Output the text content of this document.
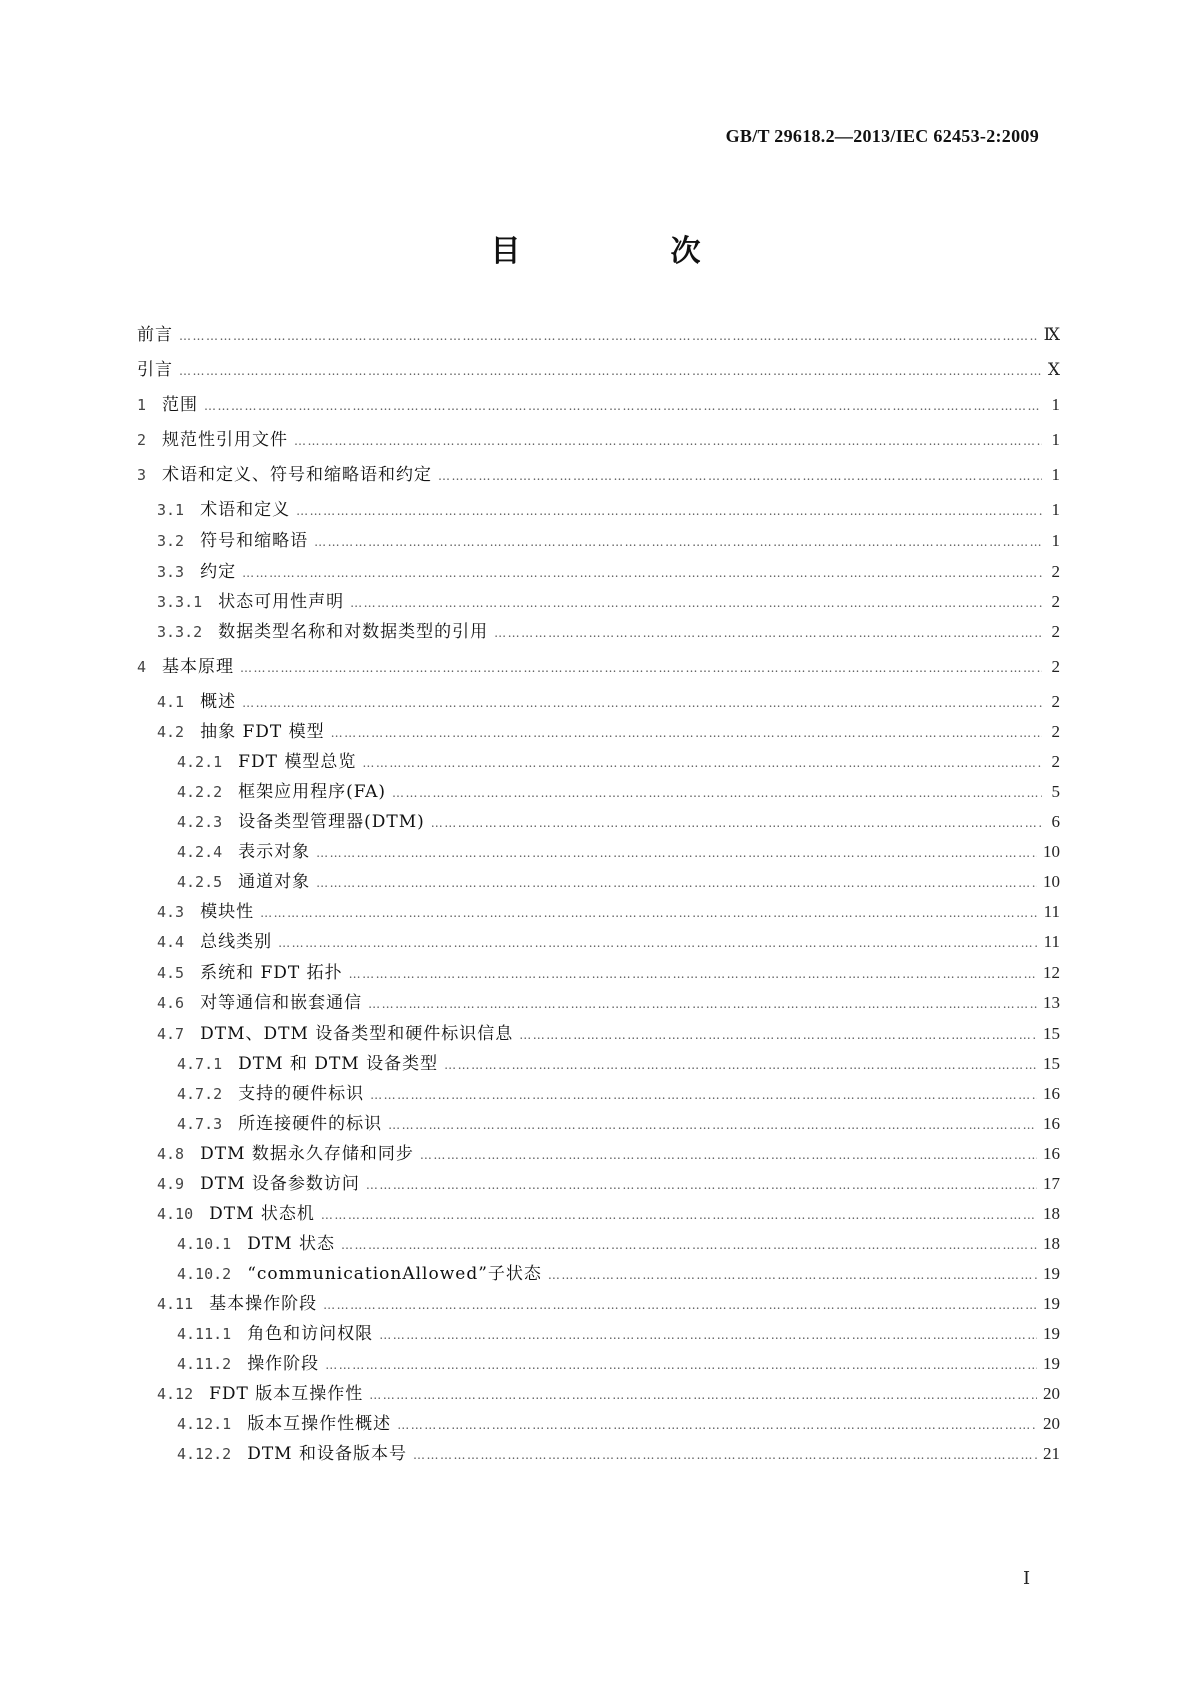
GB/T 29618.2—2013/IEC 62453-2:2009
目　次
前言 …………………………………………………………………………………………………………………………………………………………………………………………………………………………………………………………	Ⅸ
引言 …………………………………………………………………………………………………………………………………………………………………………………………………………………………………………………………	Ⅹ
1 范围 …………………………………………………………………………………………………………………………………………………………………………………………………………………………………………………………	1
2 规范性引用文件 …………………………………………………………………………………………………………………………………………………………………………………………………………………………………………………………	1
3 术语和定义、符号和缩略语和约定 …………………………………………………………………………………………………………………………………………………………………………………………………………………………………………………………	1
3.1 术语和定义 …………………………………………………………………………………………………………………………………………………………………………………………………………………………………………………………	1
3.2 符号和缩略语 …………………………………………………………………………………………………………………………………………………………………………………………………………………………………………………………	1
3.3 约定 …………………………………………………………………………………………………………………………………………………………………………………………………………………………………………………………	2
3.3.1 状态可用性声明 …………………………………………………………………………………………………………………………………………………………………………………………………………………………………………………………	2
3.3.2 数据类型名称和对数据类型的引用 …………………………………………………………………………………………………………………………………………………………………………………………………………………………………………………………	2
4 基本原理 …………………………………………………………………………………………………………………………………………………………………………………………………………………………………………………………	2
4.1 概述 …………………………………………………………………………………………………………………………………………………………………………………………………………………………………………………………	2
4.2 抽象 FDT 模型 …………………………………………………………………………………………………………………………………………………………………………………………………………………………………………………………	2
4.2.1 FDT 模型总览 …………………………………………………………………………………………………………………………………………………………………………………………………………………………………………………………	2
4.2.2 框架应用程序(FA) …………………………………………………………………………………………………………………………………………………………………………………………………………………………………………………………	5
4.2.3 设备类型管理器(DTM) …………………………………………………………………………………………………………………………………………………………………………………………………………………………………………………………	6
4.2.4 表示对象 …………………………………………………………………………………………………………………………………………………………………………………………………………………………………………………………	10
4.2.5 通道对象 …………………………………………………………………………………………………………………………………………………………………………………………………………………………………………………………	10
4.3 模块性 …………………………………………………………………………………………………………………………………………………………………………………………………………………………………………………………	11
4.4 总线类别 …………………………………………………………………………………………………………………………………………………………………………………………………………………………………………………………	11
4.5 系统和 FDT 拓扑 …………………………………………………………………………………………………………………………………………………………………………………………………………………………………………………………	12
4.6 对等通信和嵌套通信 …………………………………………………………………………………………………………………………………………………………………………………………………………………………………………………………	13
4.7 DTM、DTM 设备类型和硬件标识信息 …………………………………………………………………………………………………………………………………………………………………………………………………………………………………………………………	15
4.7.1 DTM 和 DTM 设备类型 …………………………………………………………………………………………………………………………………………………………………………………………………………………………………………………………	15
4.7.2 支持的硬件标识 …………………………………………………………………………………………………………………………………………………………………………………………………………………………………………………………	16
4.7.3 所连接硬件的标识 …………………………………………………………………………………………………………………………………………………………………………………………………………………………………………………………	16
4.8 DTM 数据永久存储和同步 …………………………………………………………………………………………………………………………………………………………………………………………………………………………………………………………	16
4.9 DTM 设备参数访问 …………………………………………………………………………………………………………………………………………………………………………………………………………………………………………………………	17
4.10 DTM 状态机 …………………………………………………………………………………………………………………………………………………………………………………………………………………………………………………………	18
4.10.1 DTM 状态 …………………………………………………………………………………………………………………………………………………………………………………………………………………………………………………………	18
4.10.2 “communicationAllowed”子状态 …………………………………………………………………………………………………………………………………………………………………………………………………………………………………………………………	19
4.11 基本操作阶段 …………………………………………………………………………………………………………………………………………………………………………………………………………………………………………………………	19
4.11.1 角色和访问权限 …………………………………………………………………………………………………………………………………………………………………………………………………………………………………………………………	19
4.11.2 操作阶段 …………………………………………………………………………………………………………………………………………………………………………………………………………………………………………………………	19
4.12 FDT 版本互操作性 …………………………………………………………………………………………………………………………………………………………………………………………………………………………………………………………	20
4.12.1 版本互操作性概述 …………………………………………………………………………………………………………………………………………………………………………………………………………………………………………………………	20
4.12.2 DTM 和设备版本号 …………………………………………………………………………………………………………………………………………………………………………………………………………………………………………………………	21
Ⅰ
